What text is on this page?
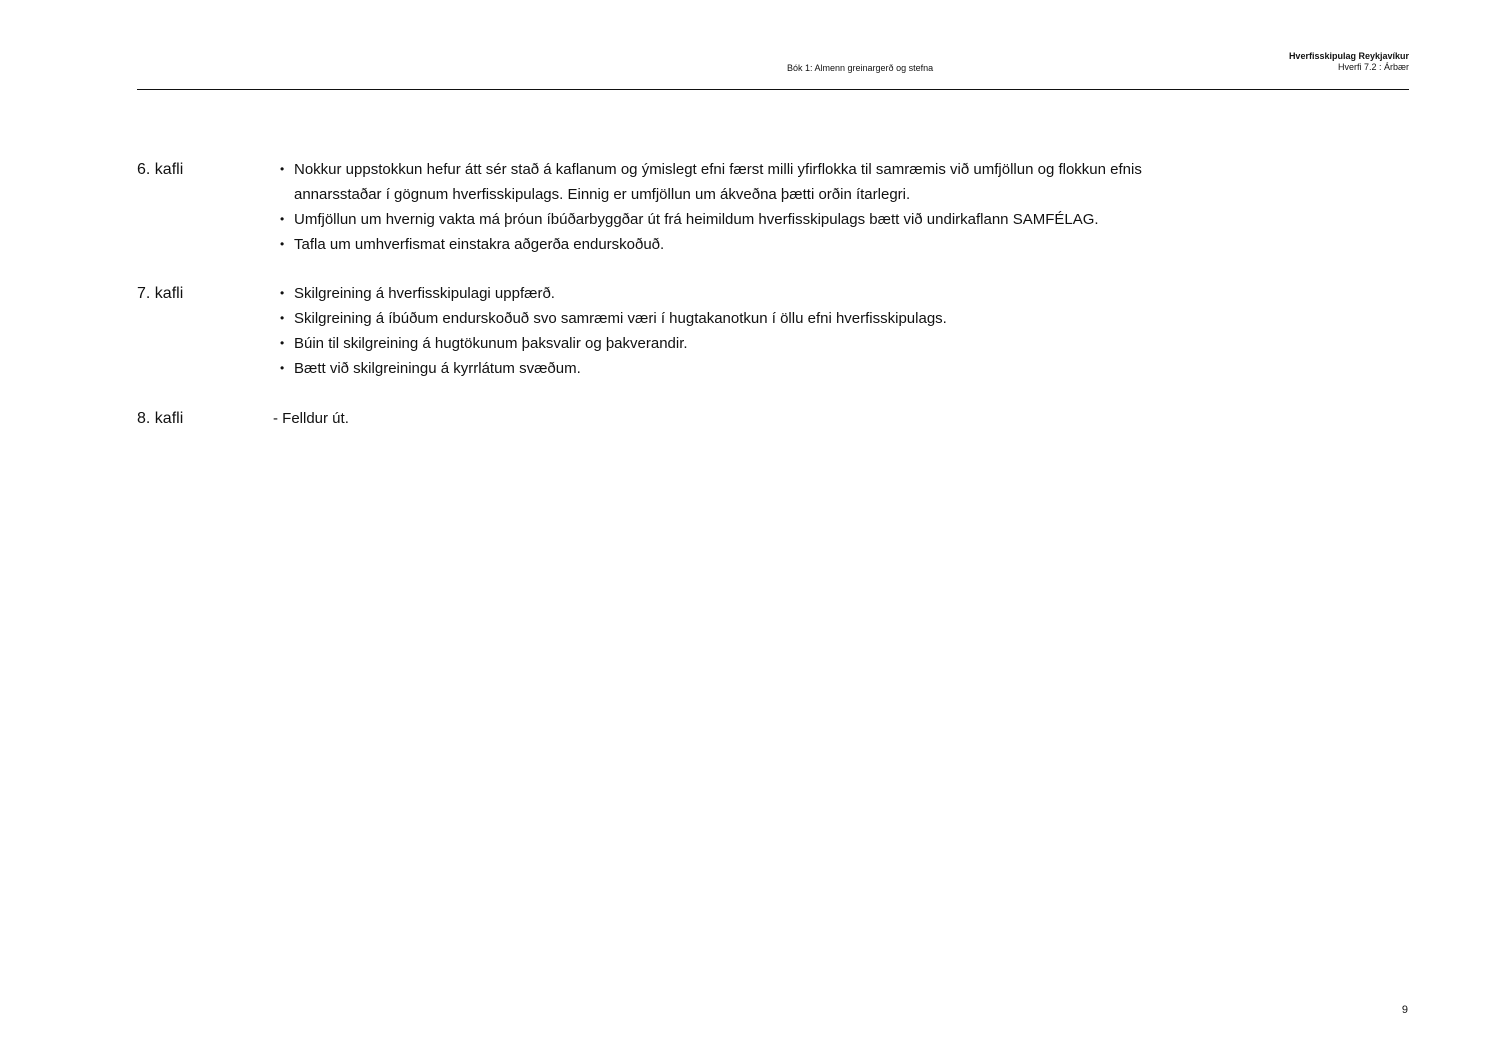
Bók 1: Almenn greinargerð og stefna
Hverfisskipulag Reykjavíkur
Hverfi 7.2 : Árbær
6. kafli	• Nokkur uppstokkun hefur átt sér stað á kaflanum og ýmislegt efni færst milli yfirflokka til samræmis við umfjöllun og flokkun efnis
annarsstaðar í gögnum hverfisskipulags. Einnig er umfjöllun um ákveðna þætti orðin ítarlegri.
• Umfjöllun um hvernig vakta má þróun íbúðarbyggðar út frá heimildum hverfisskipulags bætt við undirkaflann SAMFÉLAG.
• Tafla um umhverfismat einstakra aðgerða endurskoðuð.
7. kafli	• Skilgreining á hverfisskipulagi uppfærð.
• Skilgreining á íbúðum endurskoðuð svo samræmi væri í hugtakanotkun í öllu efni hverfisskipulags.
• Búin til skilgreining á hugtökunum þaksvalir og þakverandir.
• Bætt við skilgreiningu á kyrrlátum svæðum.
8. kafli	- Felldur út.
9
